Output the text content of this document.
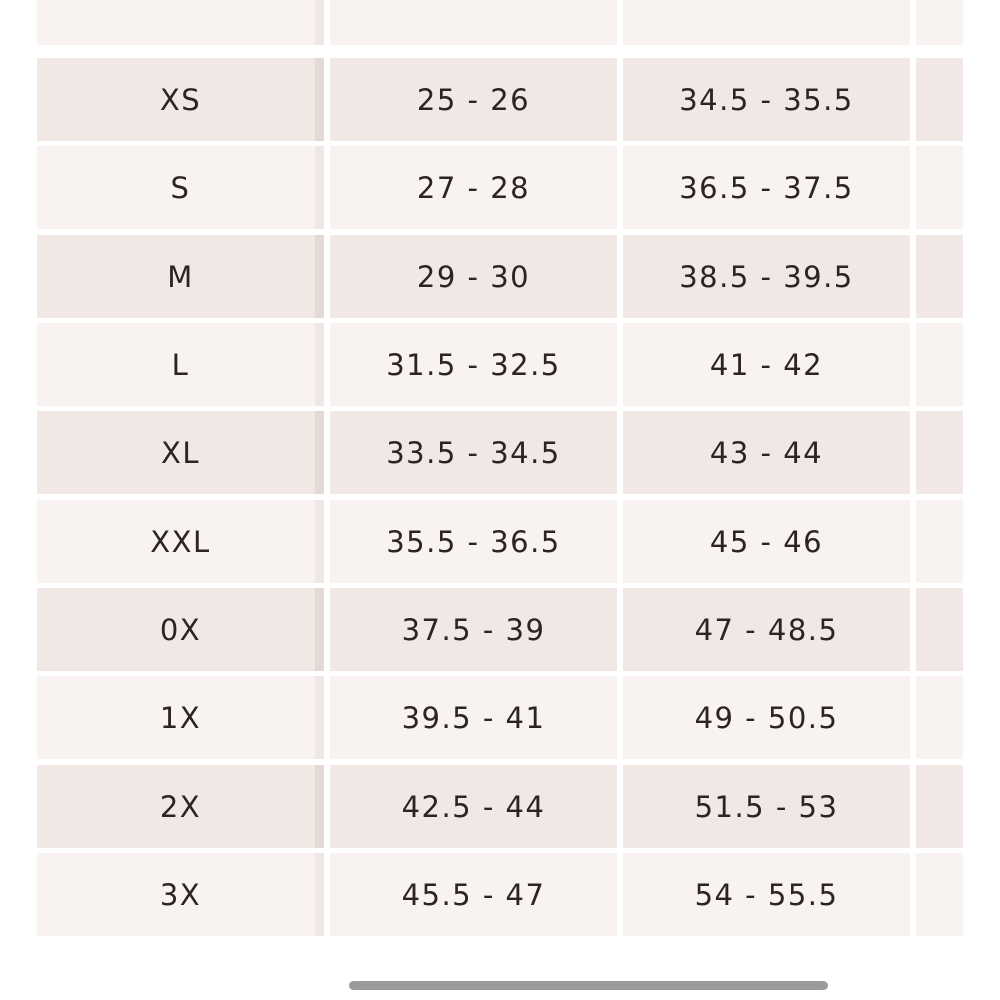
XS	25 - 26	34.5 - 35.5
S	27 - 28	36.5 - 37.5
M	29 - 30	38.5 - 39.5
L	31.5 - 32.5	41 - 42
XL	33.5 - 34.5	43 - 44
XXL	35.5 - 36.5	45 - 46
0X	37.5 - 39	47 - 48.5
1X	39.5 - 41	49 - 50.5
2X	42.5 - 44	51.5 - 53
3X	45.5 - 47	54 - 55.5
